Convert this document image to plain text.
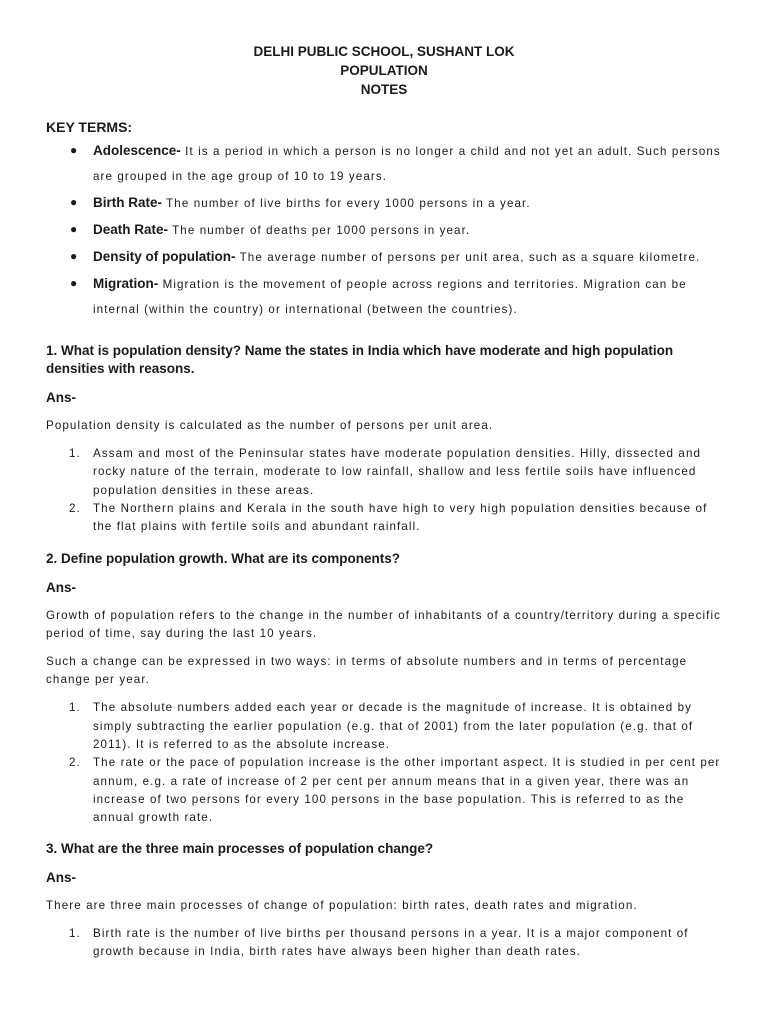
DELHI PUBLIC SCHOOL, SUSHANT LOK
POPULATION
NOTES
KEY TERMS:
● Adolescence- It is a period in which a person is no longer a child and not yet an adult. Such persons are grouped in the age group of 10 to 19 years.
● Birth Rate- The number of live births for every 1000 persons in a year.
● Death Rate- The number of deaths per 1000 persons in year.
● Density of population- The average number of persons per unit area, such as a square kilometre.
● Migration- Migration is the movement of people across regions and territories. Migration can be internal (within the country) or international (between the countries).
1. What is population density? Name the states in India which have moderate and high population densities with reasons.
Ans-

Population density is calculated as the number of persons per unit area.

1. Assam and most of the Peninsular states have moderate population densities. Hilly, dissected and rocky nature of the terrain, moderate to low rainfall, shallow and less fertile soils have influenced population densities in these areas.
2. The Northern plains and Kerala in the south have high to very high population densities because of the flat plains with fertile soils and abundant rainfall.
2. Define population growth. What are its components?
Ans-

Growth of population refers to the change in the number of inhabitants of a country/territory during a specific period of time, say during the last 10 years.

Such a change can be expressed in two ways: in terms of absolute numbers and in terms of percentage change per year.

1. The absolute numbers added each year or decade is the magnitude of increase. It is obtained by simply subtracting the earlier population (e.g. that of 2001) from the later population (e.g. that of 2011). It is referred to as the absolute increase.
2. The rate or the pace of population increase is the other important aspect. It is studied in per cent per annum, e.g. a rate of increase of 2 per cent per annum means that in a given year, there was an increase of two persons for every 100 persons in the base population. This is referred to as the annual growth rate.
3. What are the three main processes of population change?
Ans-

There are three main processes of change of population: birth rates, death rates and migration.

1. Birth rate is the number of live births per thousand persons in a year. It is a major component of growth because in India, birth rates have always been higher than death rates.
